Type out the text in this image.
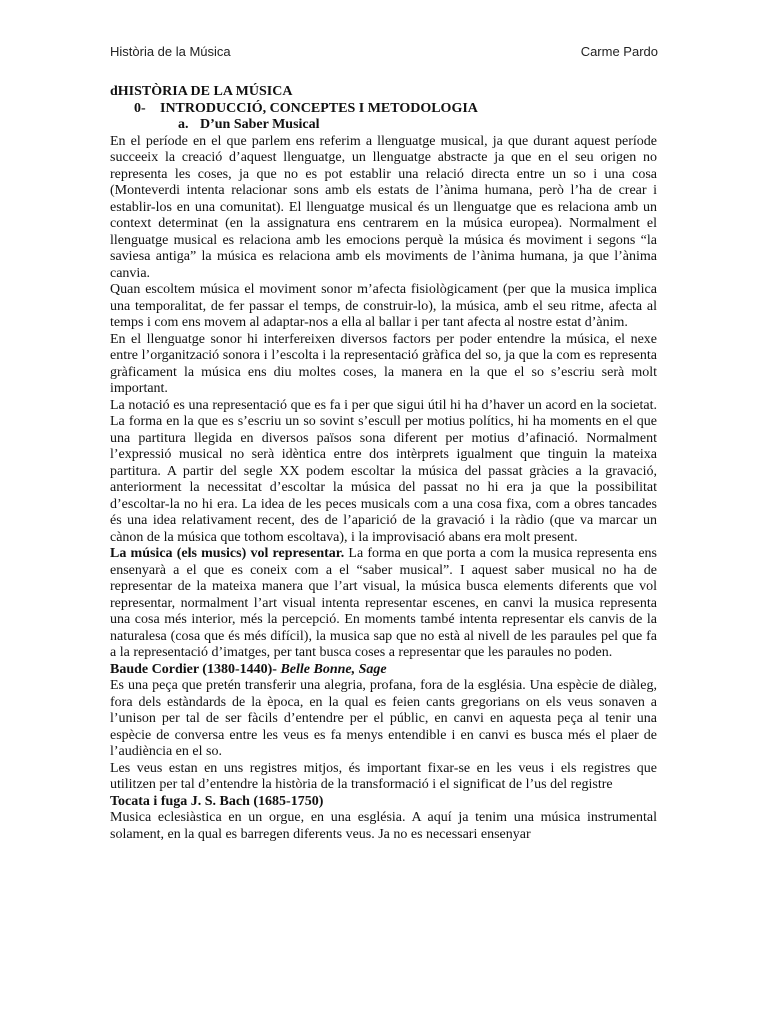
Història de la Música	Carme Pardo
dHISTÒRIA DE LA MÚSICA
0- INTRODUCCIÓ, CONCEPTES I METODOLOGIA
a. D’un Saber Musical

En el període en el que parlem ens referim a llenguatge musical, ja que durant aquest període succeeix la creació d’aquest llenguatge, un llenguatge abstracte ja que en el seu origen no representa les coses, ja que no es pot establir una relació directa entre un so i una cosa (Monteverdi intenta relacionar sons amb els estats de l’ànima humana, però l’ha de crear i establir-los en una comunitat). El llenguatge musical és un llenguatge que es relaciona amb un context determinat (en la assignatura ens centrarem en la música europea). Normalment el llenguatge musical es relaciona amb les emocions perquè la música és moviment i segons “la saviesa antiga” la música es relaciona amb els moviments de l’ànima humana, ja que l’ànima canvia.

Quan escoltem música el moviment sonor m’afecta fisiològicament (per que la musica implica una temporalitat, de fer passar el temps, de construir-lo), la música, amb el seu ritme, afecta al temps i com ens movem al adaptar-nos a ella al ballar i per tant afecta al nostre estat d’ànim.

En el llenguatge sonor hi interfereixen diversos factors per poder entendre la música, el nexe entre l’organització sonora i l’escolta i la representació gràfica del so, ja que la com es representa gràficament la música ens diu moltes coses, la manera en la que el so s’escriu serà molt important.

La notació es una representació que es fa i per que sigui útil hi ha d’haver un acord en la societat. La forma en la que es s’escriu un so sovint s’escull per motius polítics, hi ha moments en el que una partitura llegida en diversos països sona diferent per motius d’afinació. Normalment l’expressió musical no serà idèntica entre dos intèrprets igualment que tinguin la mateixa partitura. A partir del segle XX podem escoltar la música del passat gràcies a la gravació, anteriorment la necessitat d’escoltar la música del passat no hi era ja que la possibilitat d’escoltar-la no hi era. La idea de les peces musicals com a una cosa fixa, com a obres tancades és una idea relativament recent, des de l’aparició de la gravació i la ràdio (que va marcar un cànon de la música que tothom escoltava), i la improvisació abans era molt present.

La música (els musics) vol representar. La forma en que porta a com la musica representa ens ensenyarà a el que es coneix com a el “saber musical”. I aquest saber musical no ha de representar de la mateixa manera que l’art visual, la música busca elements diferents que vol representar, normalment l’art visual intenta representar escenes, en canvi la musica representa una cosa més interior, més la percepció. En moments també intenta representar els canvis de la naturalesa (cosa que és més difícil), la musica sap que no està al nivell de les paraules pel que fa a la representació d’imatges, per tant busca coses a representar que les paraules no poden.

Baude Cordier (1380-1440)- Belle Bonne, Sage

Es una peça que pretén transferir una alegria, profana, fora de la església. Una espècie de diàleg, fora dels estàndards de la època, en la qual es feien cants gregorians on els veus sonaven a l’unison per tal de ser fàcils d’entendre per el públic, en canvi en aquesta peça al tenir una espècie de conversa entre les veus es fa menys entendible i en canvi es busca més el plaer de l’audiència en el so.

Les veus estan en uns registres mitjos, és important fixar-se en les veus i els registres que utilitzen per tal d’entendre la història de la transformació i el significat de l’us del registre

Tocata i fuga J. S. Bach (1685-1750)

Musica eclesiàstica en un orgue, en una església. A aquí ja tenim una música instrumental solament, en la qual es barregen diferents veus. Ja no es necessari ensenyar
